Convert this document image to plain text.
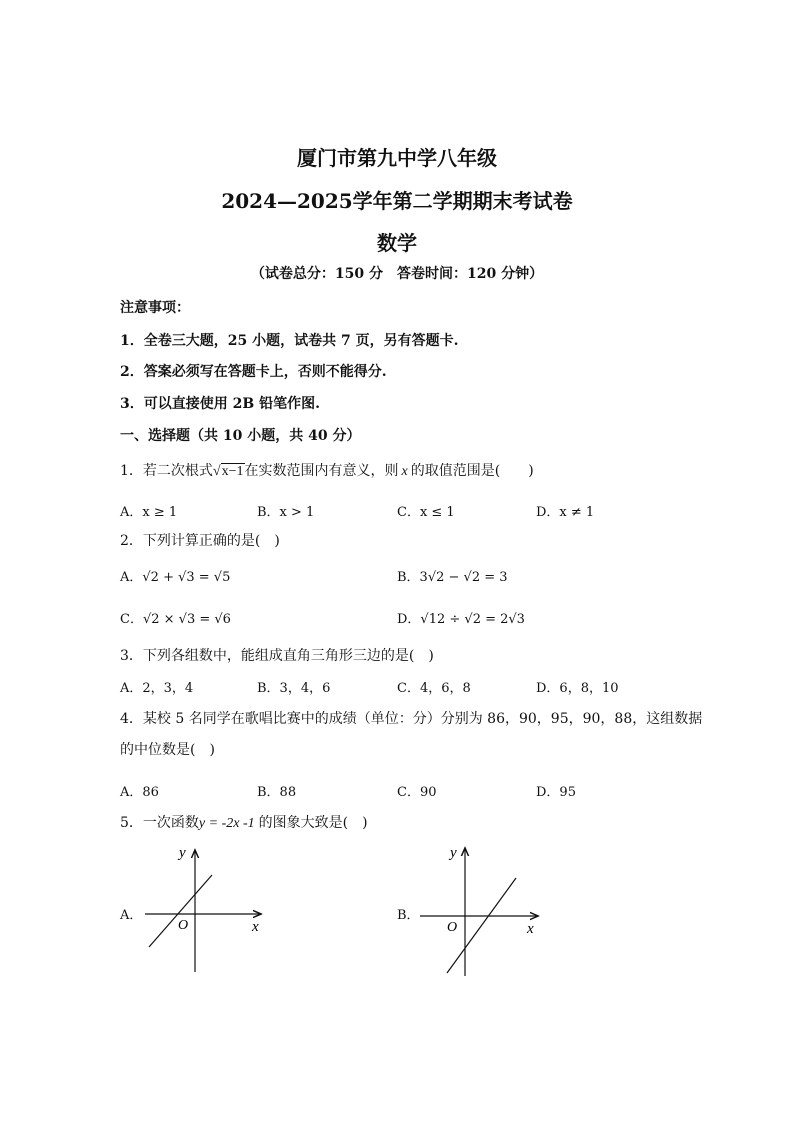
厦门市第九中学八年级
2024—2025学年第二学期期末考试卷
数学
（试卷总分：150 分　答卷时间：120 分钟）
注意事项：
1．全卷三大题，25 小题，试卷共 7 页，另有答题卡.
2．答案必须写在答题卡上，否则不能得分.
3．可以直接使用 2B 铅笔作图.
一、选择题（共 10 小题，共 40 分）
1．若二次根式√x−1在实数范围内有意义，则 x 的取值范围是(　　)
A．x ≥ 1	B．x > 1	C．x ≤ 1	D．x ≠ 1
2．下列计算正确的是(　)
A．√2 + √3 = √5	B．3√2 − √2 = 3
C．√2 × √3 = √6	D．√12 ÷ √2 = 2√3
3．下列各组数中，能组成直角三角形三边的是(　)
A．2，3，4	B．3，4，6	C．4，6，8	D．6，8，10
4．某校 5 名同学在歌唱比赛中的成绩（单位：分）分别为 86，90，95，90，88，这组数据
的中位数是(　)
A．86	B．88	C．90	D．95
5．一次函数y = -2x -1 的图象大致是(　)
A．	B．
y
x
O
y
x
O
